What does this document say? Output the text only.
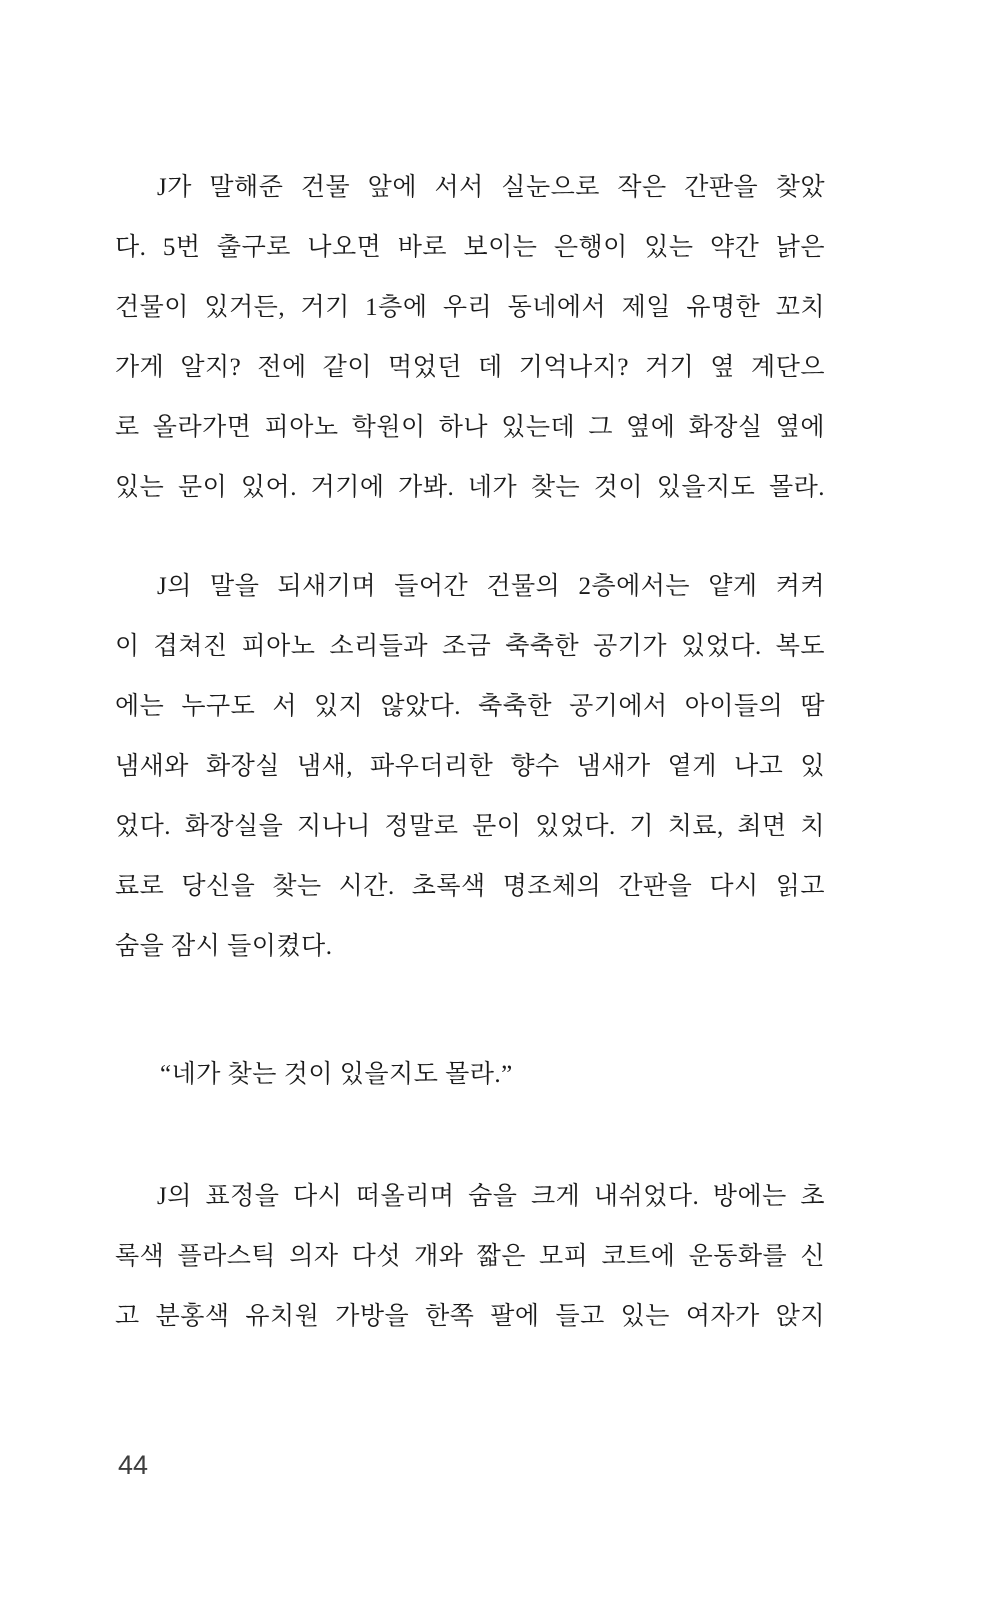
J가 말해준 건물 앞에 서서 실눈으로 작은 간판을 찾았
다. 5번 출구로 나오면 바로 보이는 은행이 있는 약간 낡은
건물이 있거든, 거기 1층에 우리 동네에서 제일 유명한 꼬치
가게 알지? 전에 같이 먹었던 데 기억나지? 거기 옆 계단으
로 올라가면 피아노 학원이 하나 있는데 그 옆에 화장실 옆에
있는 문이 있어. 거기에 가봐. 네가 찾는 것이 있을지도 몰라.
J의 말을 되새기며 들어간 건물의 2층에서는 얕게 켜켜
이 겹쳐진 피아노 소리들과 조금 축축한 공기가 있었다. 복도
에는 누구도 서 있지 않았다. 축축한 공기에서 아이들의 땀
냄새와 화장실 냄새, 파우더리한 향수 냄새가 옅게 나고 있
었다. 화장실을 지나니 정말로 문이 있었다. 기 치료, 최면 치
료로 당신을 찾는 시간. 초록색 명조체의 간판을 다시 읽고
숨을 잠시 들이켰다.
“네가 찾는 것이 있을지도 몰라.”
J의 표정을 다시 떠올리며 숨을 크게 내쉬었다. 방에는 초
록색 플라스틱 의자 다섯 개와 짧은 모피 코트에 운동화를 신
고 분홍색 유치원 가방을 한쪽 팔에 들고 있는 여자가 앉지
44
